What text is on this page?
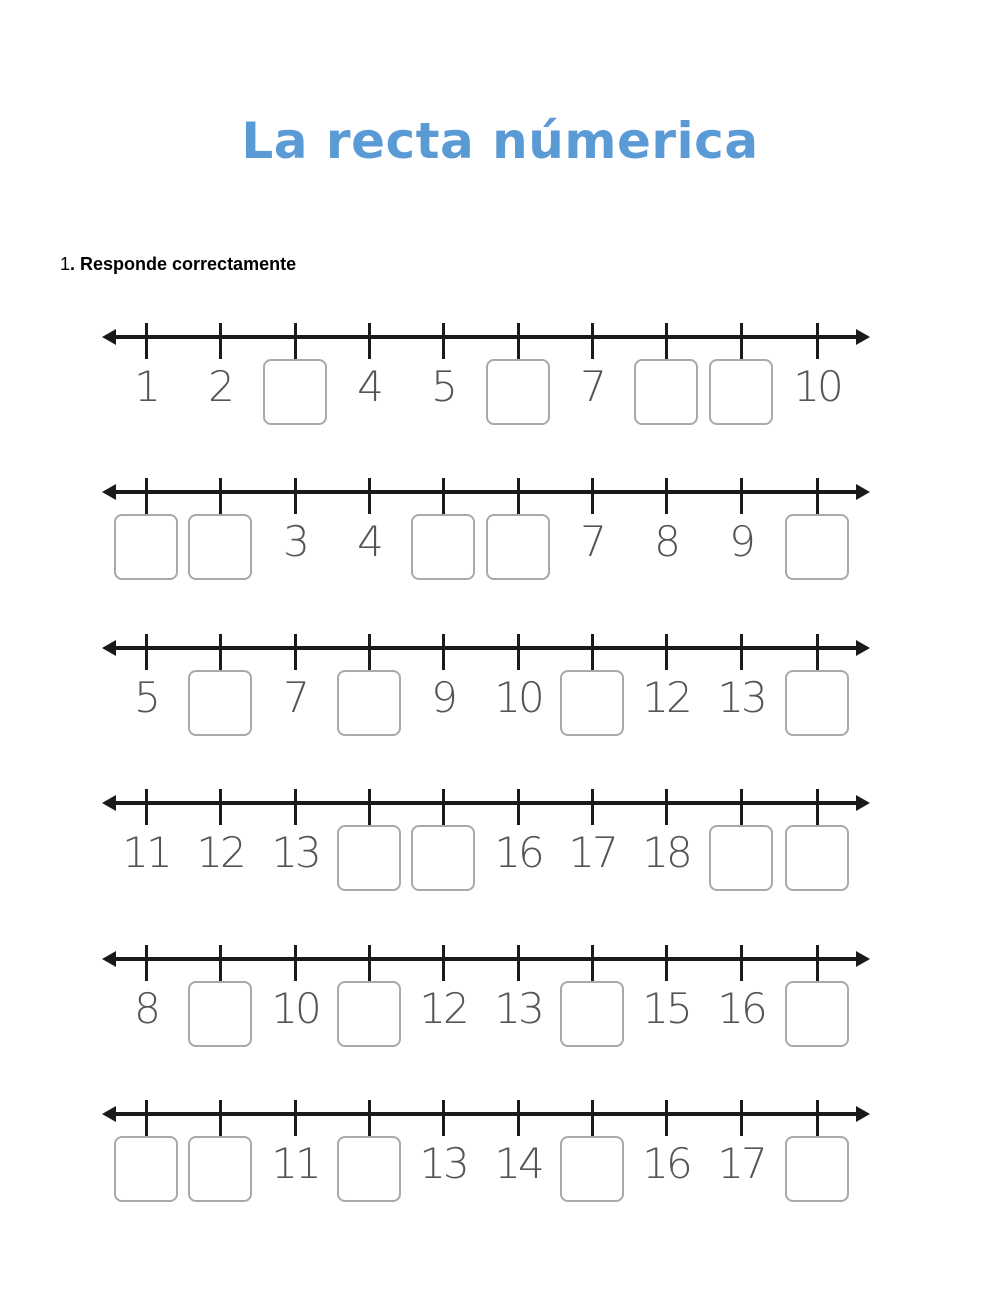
La recta númerica
1. Responde correctamente
1	2	4	5	7	10
3	4	7	8	9
5	7	9 10 12 13
11 12 13	16 17 18
8	10 12 13 15 16
11 13 14 16 17
